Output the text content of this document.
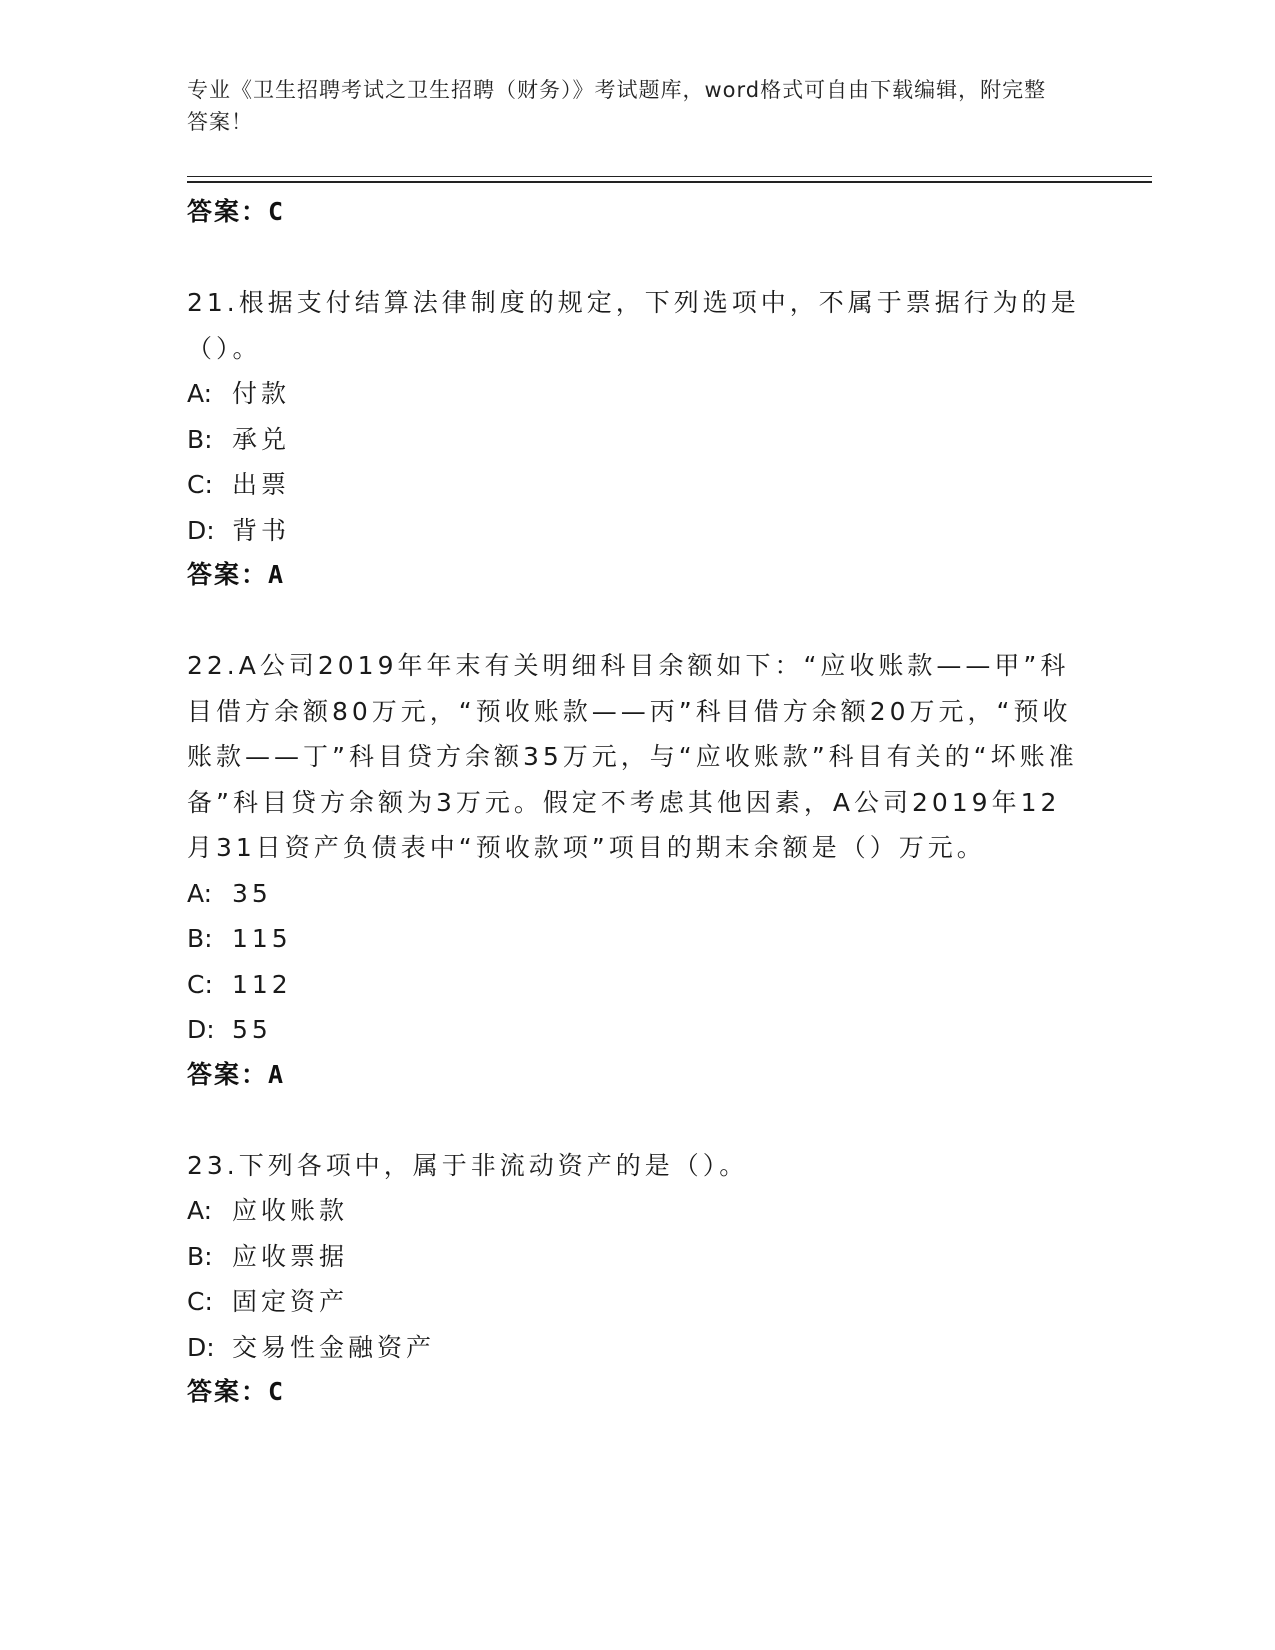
专业《卫生招聘考试之卫生招聘（财务）》考试题库，word格式可自由下载编辑，附完整答案！
答案：C
21.根据支付结算法律制度的规定，下列选项中，不属于票据行为的是（）。
A: 付款
B: 承兑
C: 出票
D: 背书
答案：A
22.A公司2019年年末有关明细科目余额如下：“应收账款——甲”科目借方余额80万元，“预收账款——丙”科目借方余额20万元，“预收账款——丁”科目贷方余额35万元，与“应收账款”科目有关的“坏账准备”科目贷方余额为3万元。假定不考虑其他因素，A公司2019年12月31日资产负债表中“预收款项”项目的期末余额是（）万元。
A: 35
B: 115
C: 112
D: 55
答案：A
23.下列各项中，属于非流动资产的是（）。
A: 应收账款
B: 应收票据
C: 固定资产
D: 交易性金融资产
答案：C
